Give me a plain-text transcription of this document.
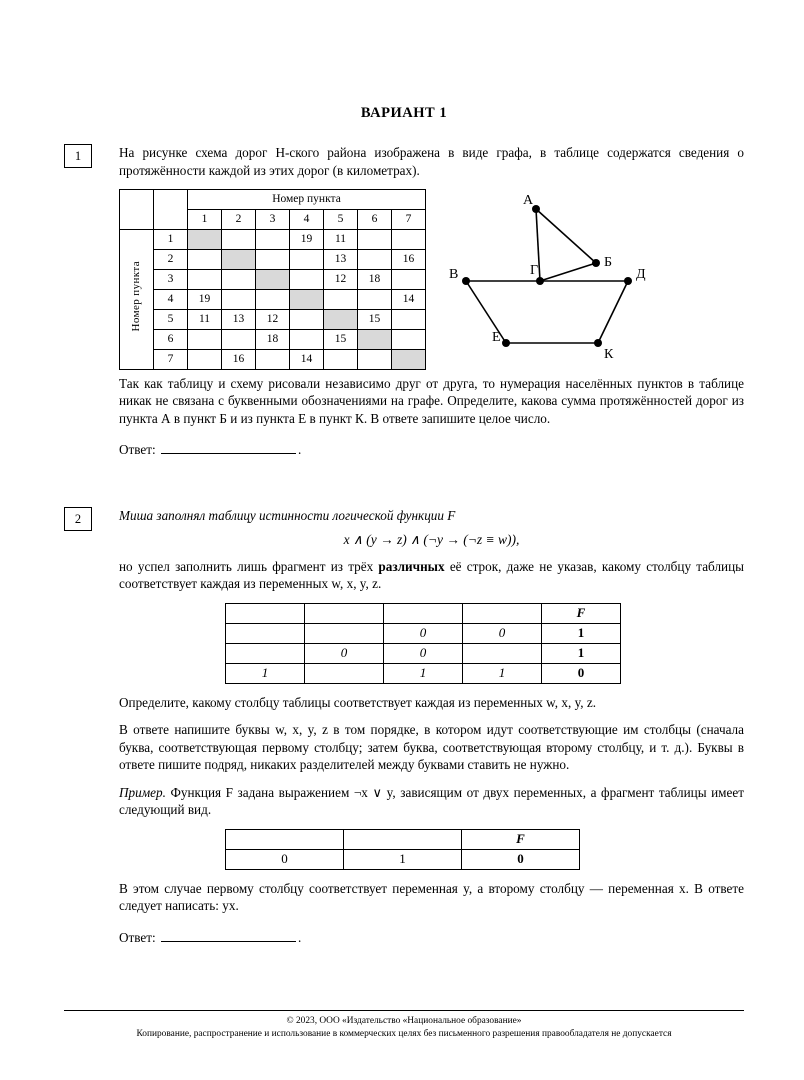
ВАРИАНТ 1
1	На рисунке схема дорог Н-ского района изображена в виде графа, в таблице содержатся сведения о протяжённости каждой из этих дорог (в километрах).

		Номер пункта						
		1	2	3	4	5	6	7
Номер пункта	1				19	11		
	2					13		16
	3					12	18	
	4	19						14
	5	11	13	12			15	
	6			18		15		
	7		16		14			
А
Б
В	Г	Д
Е
К

Так как таблицу и схему рисовали независимо друг от друга, то нумерация населённых пунктов в таблице никак не связана с буквенными обозначениями на графе. Определите, какова сумма протяжённостей дорог из пункта А в пункт Б и из пункта Е в пункт К. В ответе запишите целое число.

Ответ:	.
2	Миша заполнял таблицу истинности логической функции F

x ∧ (y → z) ∧ (¬y → (¬z ≡ w)),

но успел заполнить лишь фрагмент из трёх различных её строк, даже не указав, какому столбцу таблицы соответствует каждая из переменных w, x, y, z.

				F
		0	0	1
	0	0		1
1		1	1	0

Определите, какому столбцу таблицы соответствует каждая из переменных w, x, y, z.

В ответе напишите буквы w, x, y, z в том порядке, в котором идут соответствующие им столбцы (сначала буква, соответствующая первому столбцу; затем буква, соответствующая второму столбцу, и т. д.). Буквы в ответе пишите подряд, никаких разделителей между буквами ставить не нужно.

Пример. Функция F задана выражением ¬x ∨ y, зависящим от двух переменных, а фрагмент таблицы имеет следующий вид.

		F
0	1	0

В этом случае первому столбцу соответствует переменная y, а второму столбцу — переменная x. В ответе следует написать: yx.

Ответ:	.
© 2023, ООО «Издательство «Национальное образование»
Копирование, распространение и использование в коммерческих целях без письменного разрешения правообладателя не допускается
